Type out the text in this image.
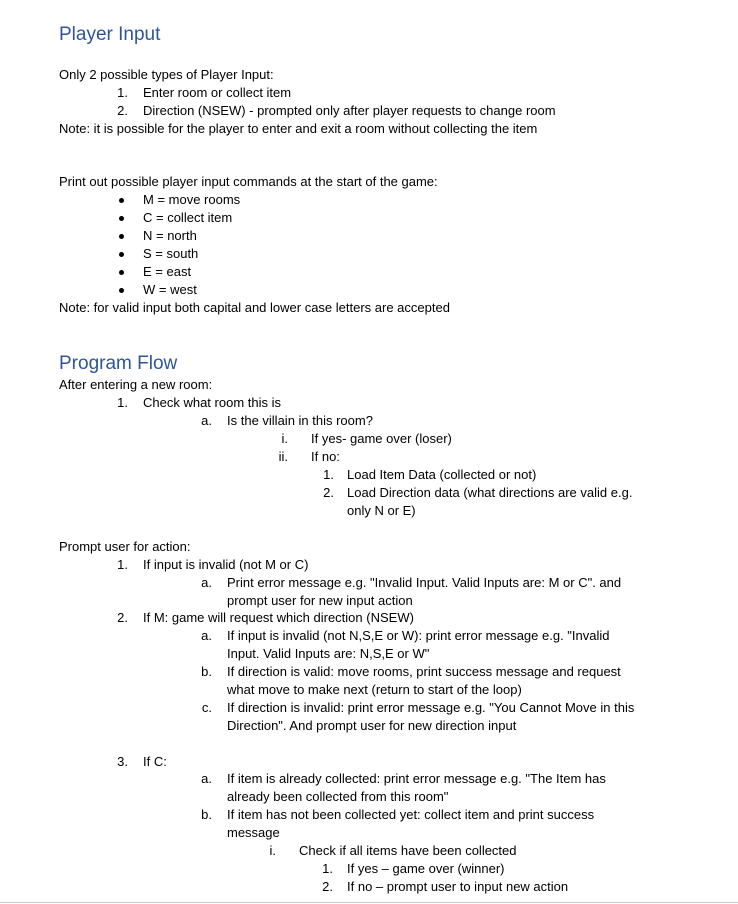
Player Input
Only 2 possible types of Player Input:
1. Enter room or collect item
2. Direction (NSEW) - prompted only after player requests to change room
Note: it is possible for the player to enter and exit a room without collecting the item
Print out possible player input commands at the start of the game:
M = move rooms
C = collect item
N = north
S = south
E = east
W = west
Note: for valid input both capital and lower case letters are accepted
Program Flow
After entering a new room:
1. Check what room this is
a. Is the villain in this room?
i. If yes- game over (loser)
ii. If no:
1. Load Item Data (collected or not)
2. Load Direction data (what directions are valid e.g.
only N or E)
Prompt user for action:
1. If input is invalid (not M or C)
a. Print error message e.g. "Invalid Input. Valid Inputs are: M or C". and
prompt user for new input action
2. If M: game will request which direction (NSEW)
a. If input is invalid (not N,S,E or W): print error message e.g. "Invalid
Input. Valid Inputs are: N,S,E or W"
b. If direction is valid: move rooms, print success message and request
what move to make next (return to start of the loop)
c. If direction is invalid: print error message e.g. "You Cannot Move in this
Direction". And prompt user for new direction input
3. If C:
a. If item is already collected: print error message e.g. "The Item has
already been collected from this room"
b. If item has not been collected yet: collect item and print success
message
i. Check if all items have been collected
1. If yes – game over (winner)
2. If no – prompt user to input new action
